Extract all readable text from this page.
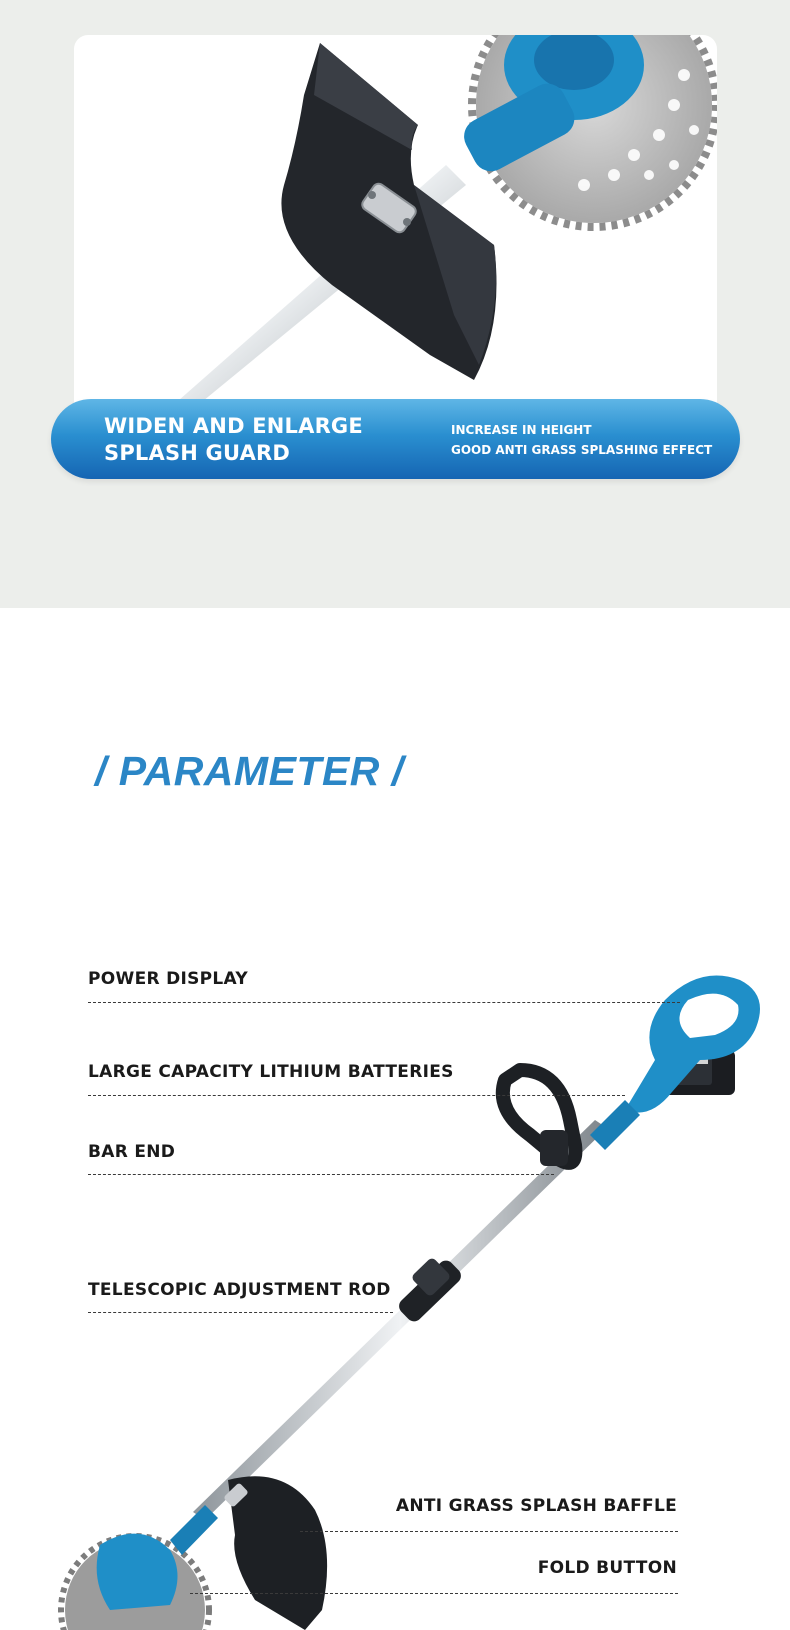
WIDEN AND ENLARGE
SPLASH GUARD
INCREASE IN HEIGHT
GOOD ANTI GRASS SPLASHING EFFECT
/ PARAMETER /
POWER DISPLAY
LARGE CAPACITY LITHIUM BATTERIES
BAR END
TELESCOPIC ADJUSTMENT ROD
ANTI GRASS SPLASH BAFFLE
FOLD BUTTON
